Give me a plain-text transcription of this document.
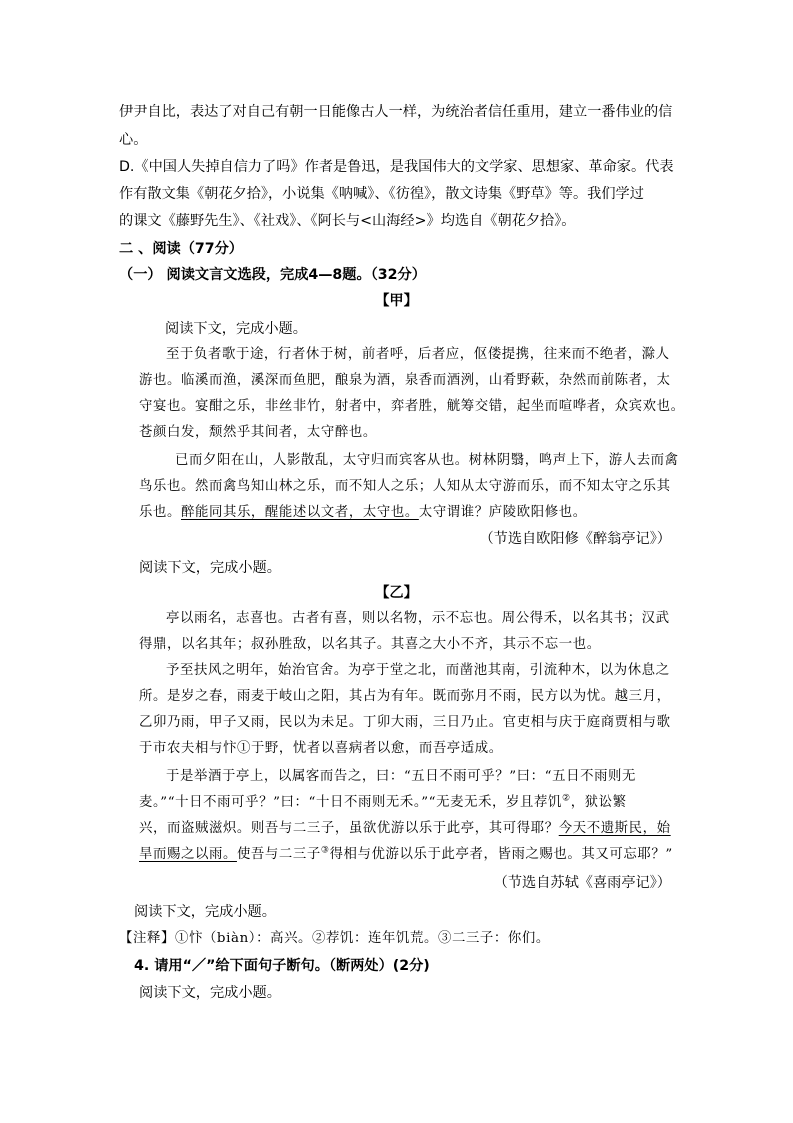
伊尹自比，表达了对自己有朝一日能像古人一样，为统治者信任重用，建立一番伟业的信
心。
D.《中国人失掉自信力了吗》作者是鲁迅，是我国伟大的文学家、思想家、革命家。代表
作有散文集《朝花夕拾》，小说集《呐喊》、《彷徨》，散文诗集《野草》等。我们学过
的课文《藤野先生》、《社戏》、《阿长与<山海经>》均选自《朝花夕拾》。
二 、阅读（77分）
（一） 阅读文言文选段，完成4—8题。（32分）
【甲】
阅读下文，完成小题。
至于负者歌于途，行者休于树，前者呼，后者应，伛偻提携，往来而不绝者，滁人
游也。临溪而渔，溪深而鱼肥，酿泉为酒，泉香而酒洌，山肴野蔌，杂然而前陈者，太
守宴也。宴酣之乐，非丝非竹，射者中，弈者胜，觥筹交错，起坐而喧哗者，众宾欢也。
苍颜白发，颓然乎其间者，太守醉也。
已而夕阳在山，人影散乱，太守归而宾客从也。树林阴翳，鸣声上下，游人去而禽
鸟乐也。然而禽鸟知山林之乐，而不知人之乐；人知从太守游而乐，而不知太守之乐其
乐也。醉能同其乐，醒能述以文者，太守也。太守谓谁？庐陵欧阳修也。
（节选自欧阳修《醉翁亭记》）
阅读下文，完成小题。
【乙】
亭以雨名，志喜也。古者有喜，则以名物，示不忘也。周公得禾，以名其书；汉武
得鼎，以名其年；叔孙胜敌，以名其子。其喜之大小不齐，其示不忘一也。
予至扶风之明年，始治官舍。为亭于堂之北，而凿池其南，引流种木，以为休息之
所。是岁之春，雨麦于岐山之阳，其占为有年。既而弥月不雨，民方以为忧。越三月，
乙卯乃雨，甲子又雨，民以为未足。丁卯大雨，三日乃止。官吏相与庆于庭商贾相与歌
于市农夫相与忭①于野，忧者以喜病者以愈，而吾亭适成。
于是举酒于亭上，以属客而告之，曰：“五日不雨可乎？”曰：“五日不雨则无
麦。”“十日不雨可乎？”曰：“十日不雨则无禾。”“无麦无禾，岁且荐饥②，狱讼繁
兴，而盗贼滋炽。则吾与二三子，虽欲优游以乐于此亭，其可得耶？今天不遗斯民，始
旱而赐之以雨。使吾与二三子③得相与优游以乐于此亭者，皆雨之赐也。其又可忘耶？”
（节选自苏轼《喜雨亭记》）
阅读下文，完成小题。
【注释】①忭（biàn）：高兴。②荐饥：连年饥荒。③二三子：你们。
4. 请用“／”给下面句子断句。（断两处）(2分)
阅读下文，完成小题。
